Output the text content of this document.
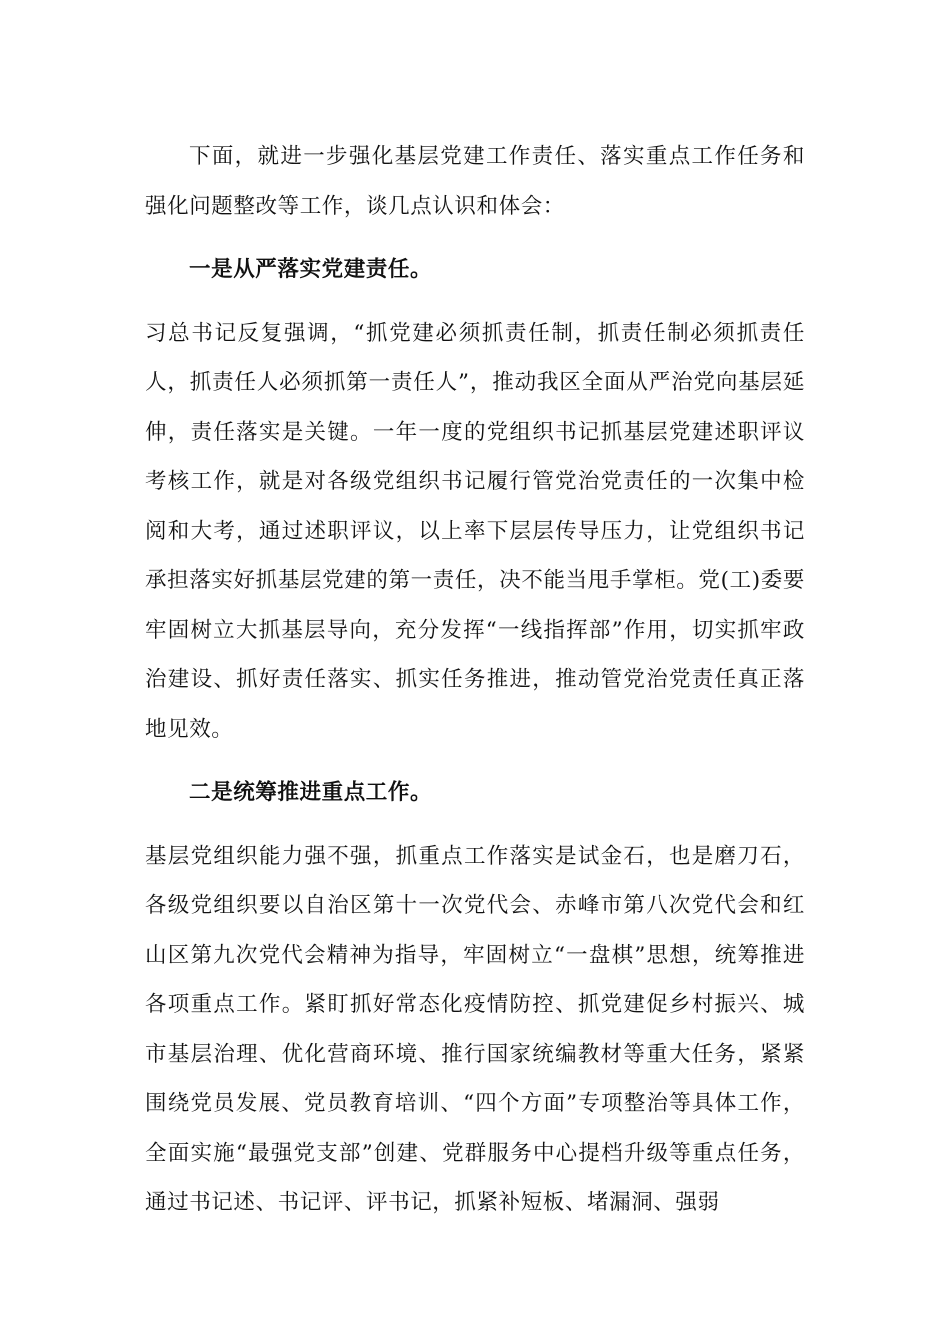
下面，就进一步强化基层党建工作责任、落实重点工作任务和强化问题整改等工作，谈几点认识和体会：

一是从严落实党建责任。

习总书记反复强调，“抓党建必须抓责任制，抓责任制必须抓责任人，抓责任人必须抓第一责任人”，推动我区全面从严治党向基层延伸，责任落实是关键。一年一度的党组织书记抓基层党建述职评议考核工作，就是对各级党组织书记履行管党治党责任的一次集中检阅和大考，通过述职评议，以上率下层层传导压力，让党组织书记承担落实好抓基层党建的第一责任，决不能当甩手掌柜。党(工)委要牢固树立大抓基层导向，充分发挥“一线指挥部”作用，切实抓牢政治建设、抓好责任落实、抓实任务推进，推动管党治党责任真正落地见效。

二是统筹推进重点工作。

基层党组织能力强不强，抓重点工作落实是试金石，也是磨刀石，各级党组织要以自治区第十一次党代会、赤峰市第八次党代会和红山区第九次党代会精神为指导，牢固树立“一盘棋”思想，统筹推进各项重点工作。紧盯抓好常态化疫情防控、抓党建促乡村振兴、城市基层治理、优化营商环境、推行国家统编教材等重大任务，紧紧围绕党员发展、党员教育培训、“四个方面”专项整治等具体工作，全面实施“最强党支部”创建、党群服务中心提档升级等重点任务，通过书记述、书记评、评书记，抓紧补短板、堵漏洞、强弱
